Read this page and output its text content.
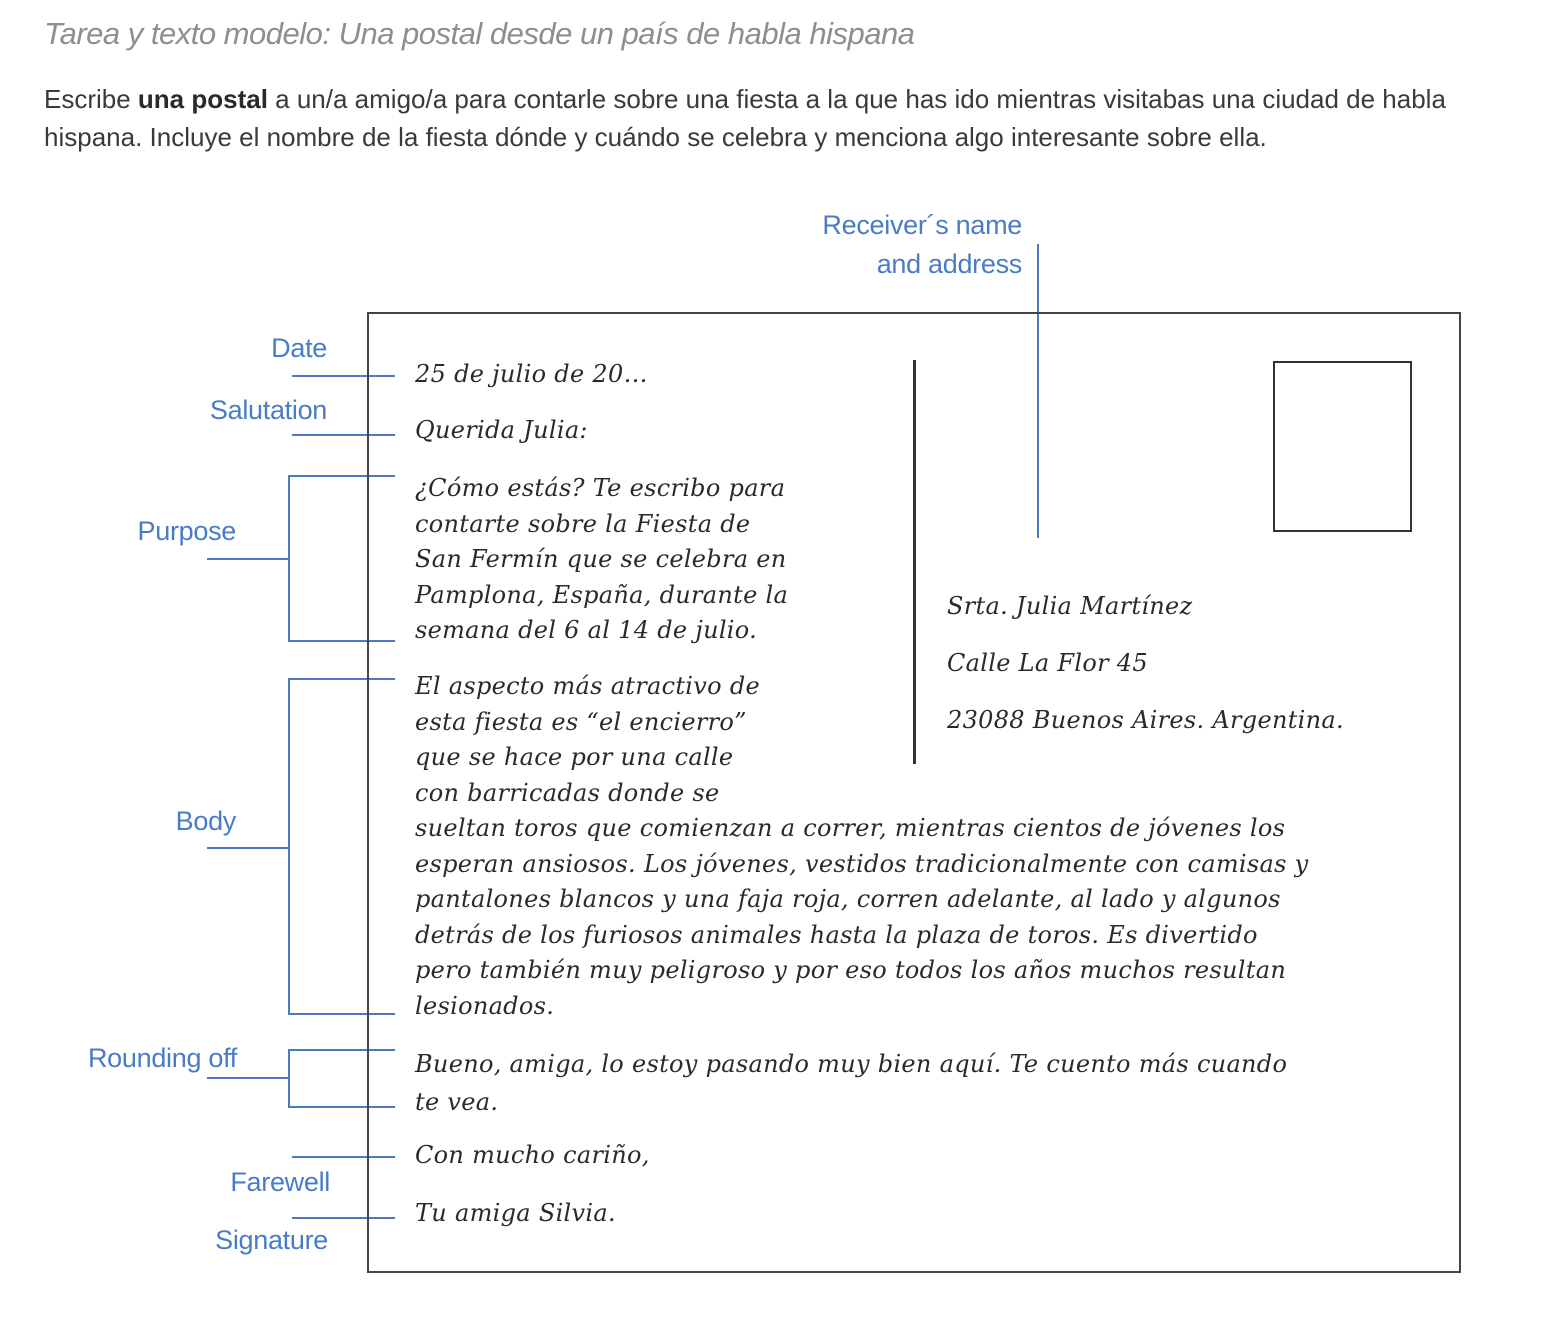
Tarea y texto modelo: Una postal desde un país de habla hispana
Escribe una postal a un/a amigo/a para contarle sobre una fiesta a la que has ido mientras visitabas una ciudad de habla hispana. Incluye el nombre de la fiesta dónde y cuándo se celebra y menciona algo interesante sobre ella.
Receiver´s name
and address
Date
Salutation
Purpose
Body
Rounding off
Farewell
Signature
25 de julio de 20…
Querida Julia:
¿Cómo estás? Te escribo para
contarte sobre la Fiesta de
San Fermín que se celebra en
Pamplona, España, durante la
semana del 6 al 14 de julio.
El aspecto más atractivo de
esta fiesta es “el encierro”
que se hace por una calle
con barricadas donde se
sueltan toros que comienzan a correr, mientras cientos de jóvenes los
esperan ansiosos. Los jóvenes, vestidos tradicionalmente con camisas y
pantalones blancos y una faja roja, corren adelante, al lado y algunos
detrás de los furiosos animales hasta la plaza de toros. Es divertido
pero también muy peligroso y por eso todos los años muchos resultan
lesionados.
Bueno, amiga, lo estoy pasando muy bien aquí. Te cuento más cuando
te vea.
Con mucho cariño,
Tu amiga Silvia.
Srta. Julia Martínez
Calle La Flor 45
23088 Buenos Aires. Argentina.
